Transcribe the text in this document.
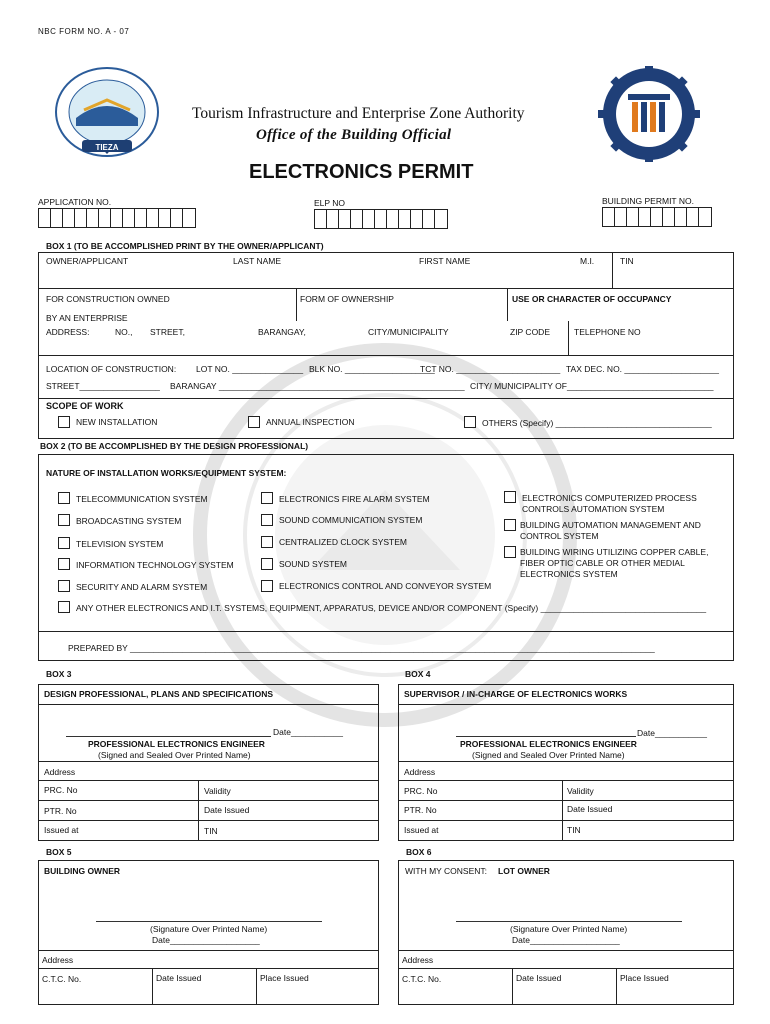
NBC FORM NO. A - 07
TIEZA
Tourism Infrastructure and Enterprise Zone Authority
Office of the Building Official
ELECTRONICS PERMIT
APPLICATION NO.	ELP NO	BUILDING PERMIT NO.
BOX 1 (TO BE ACCOMPLISHED PRINT BY THE OWNER/APPLICANT)
OWNER/APPLICANT	LAST NAME	FIRST NAME	M.I.	TIN
FOR CONSTRUCTION OWNED
BY AN ENTERPRISE
FORM OF OWNERSHIP	USE OR CHARACTER OF OCCUPANCY
ADDRESS:	NO., STREET,	BARANGAY,	CITY/MUNICIPALITY	ZIP CODE	TELEPHONE NO
LOCATION OF CONSTRUCTION: LOT NO. _______________ BLK NO. ___________________
TCT NO. ______________________ TAX DEC. NO. ____________________
STREET_________________ BARANGAY ____________________________________________________ CITY/ MUNICIPALITY OF_______________________________
SCOPE OF WORK
NEW INSTALLATION	ANNUAL INSPECTION	OTHERS (Specify) _________________________________
BOX 2 (TO BE ACCOMPLISHED BY THE DESIGN PROFESSIONAL)
NATURE OF INSTALLATION WORKS/EQUIPMENT SYSTEM:
TELECOMMUNICATION SYSTEM
BROADCASTING SYSTEM
TELEVISION SYSTEM
INFORMATION TECHNOLOGY SYSTEM
SECURITY AND ALARM SYSTEM
ELECTRONICS FIRE ALARM SYSTEM
SOUND COMMUNICATION SYSTEM
CENTRALIZED CLOCK SYSTEM
SOUND SYSTEM
ELECTRONICS CONTROL AND CONVEYOR SYSTEM
ELECTRONICS COMPUTERIZED PROCESS
CONTROLS AUTOMATION SYSTEM
BUILDING AUTOMATION MANAGEMENT AND
CONTROL SYSTEM
BUILDING WIRING UTILIZING COPPER CABLE,
FIBER OPTIC CABLE OR OTHER MEDIAL
ELECTRONICS SYSTEM
ANY OTHER ELECTRONICS AND I.T. SYSTEMS, EQUIPMENT, APPARATUS, DEVICE AND/OR COMPONENT (Specify) ___________________________________
PREPARED BY _______________________________________________________________________________________________________________
BOX 3
DESIGN PROFESSIONAL, PLANS AND SPECIFICATIONS
Date___________
PROFESSIONAL ELECTRONICS ENGINEER
(Signed and Sealed Over Printed Name)
Address
PRC. No	Validity
PTR. No	Date Issued
Issued at	TIN
BOX 4
SUPERVISOR / IN-CHARGE OF ELECTRONICS WORKS
Date___________
PROFESSIONAL ELECTRONICS ENGINEER
(Signed and Sealed Over Printed Name)
Address
PRC. No	Validity
PTR. No	Date Issued
Issued at	TIN
BOX 5
BUILDING OWNER
(Signature Over Printed Name)
Date___________________
Address
C.T.C. No.	Date Issued	Place Issued
BOX 6
WITH MY CONSENT: LOT OWNER
(Signature Over Printed Name)
Date___________________
Address
C.T.C. No.	Date Issued	Place Issued
